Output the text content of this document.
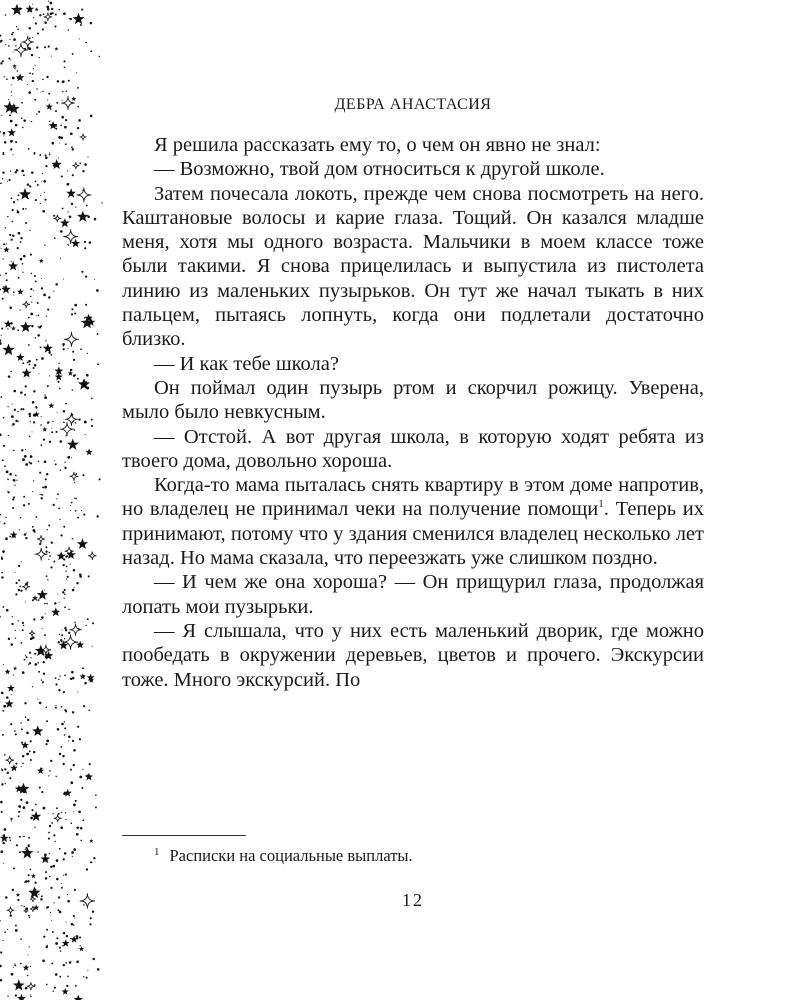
ДЕБРА АНАСТАСИЯ

Я решила рассказать ему то, о чем он явно не знал:

— Возможно, твой дом относиться к другой школе.

Затем почесала локоть, прежде чем снова посмотреть на него. Каштановые волосы и карие глаза. Тощий. Он казался младше меня, хотя мы одного возраста. Мальчики в моем классе тоже были такими. Я снова прицелилась и выпустила из пистолета линию из маленьких пузырьков. Он тут же начал тыкать в них пальцем, пытаясь лопнуть, когда они подлетали достаточно близко.

— И как тебе школа?

Он поймал один пузырь ртом и скорчил рожицу. Уверена, мыло было невкусным.

— Отстой. А вот другая школа, в которую ходят ребята из твоего дома, довольно хороша.

Когда-то мама пыталась снять квартиру в этом доме напротив, но владелец не принимал чеки на получение помощи$^1$. Теперь их принимают, потому что у здания сменился владелец несколько лет назад. Но мама сказала, что переезжать уже слишком поздно.

— И чем же она хороша? — Он прищурил глаза, продолжая лопать мои пузырьки.

— Я слышала, что у них есть маленький дворик, где можно пообедать в окружении деревьев, цветов и прочего. Экскурсии тоже. Много экскурсий. По

$^1$ Расписки на социальные выплаты.
12
